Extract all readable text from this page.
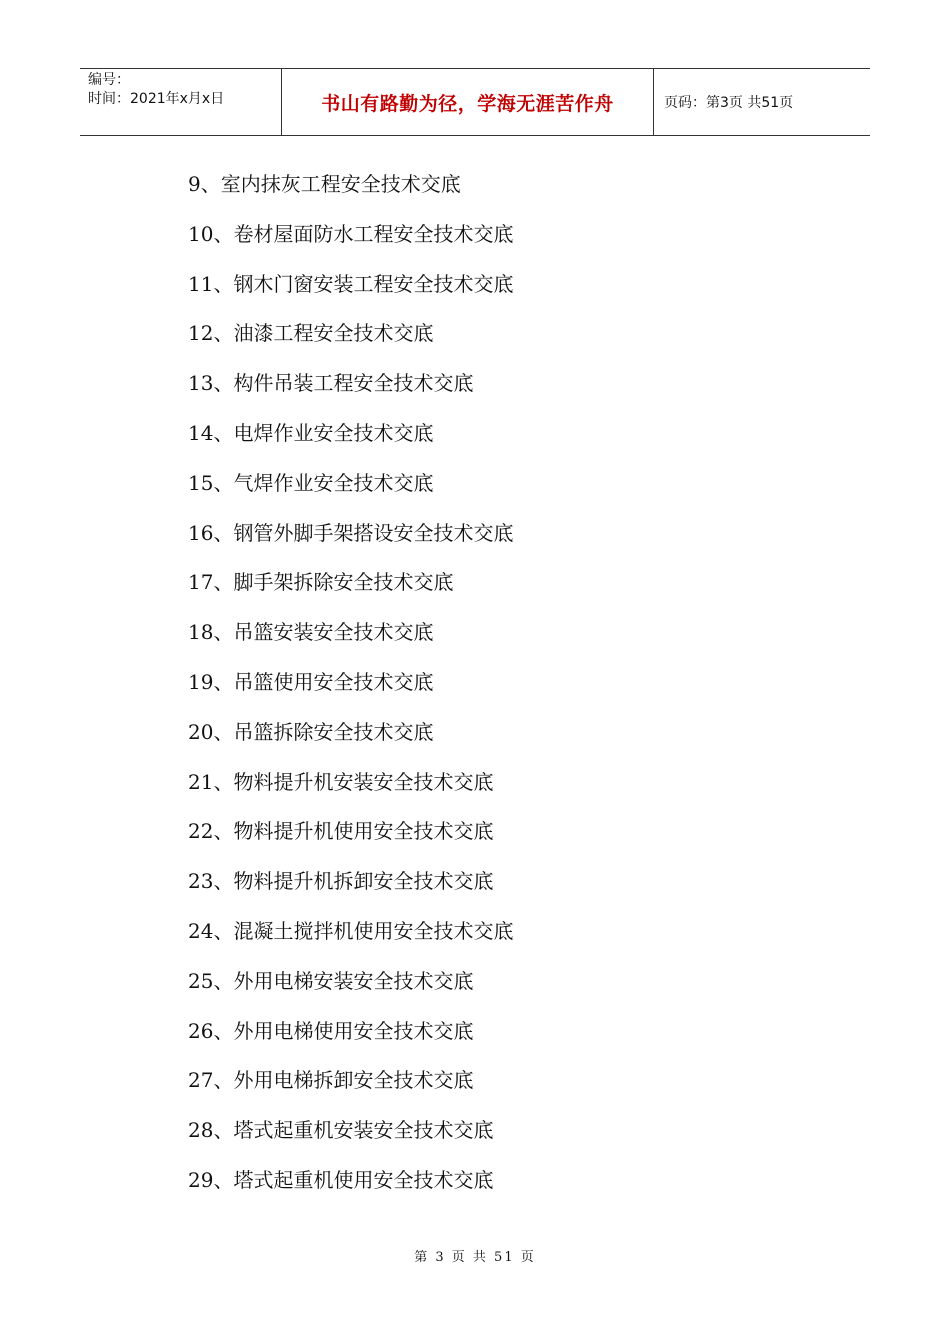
编号：
时间：2021年x月x日	书山有路勤为径，学海无涯苦作舟	页码：第3页 共51页
9、室内抹灰工程安全技术交底
10、卷材屋面防水工程安全技术交底
11、钢木门窗安装工程安全技术交底
12、油漆工程安全技术交底
13、构件吊装工程安全技术交底
14、电焊作业安全技术交底
15、气焊作业安全技术交底
16、钢管外脚手架搭设安全技术交底
17、脚手架拆除安全技术交底
18、吊篮安装安全技术交底
19、吊篮使用安全技术交底
20、吊篮拆除安全技术交底
21、物料提升机安装安全技术交底
22、物料提升机使用安全技术交底
23、物料提升机拆卸安全技术交底
24、混凝土搅拌机使用安全技术交底
25、外用电梯安装安全技术交底
26、外用电梯使用安全技术交底
27、外用电梯拆卸安全技术交底
28、塔式起重机安装安全技术交底
29、塔式起重机使用安全技术交底
第 3 页 共 51 页
